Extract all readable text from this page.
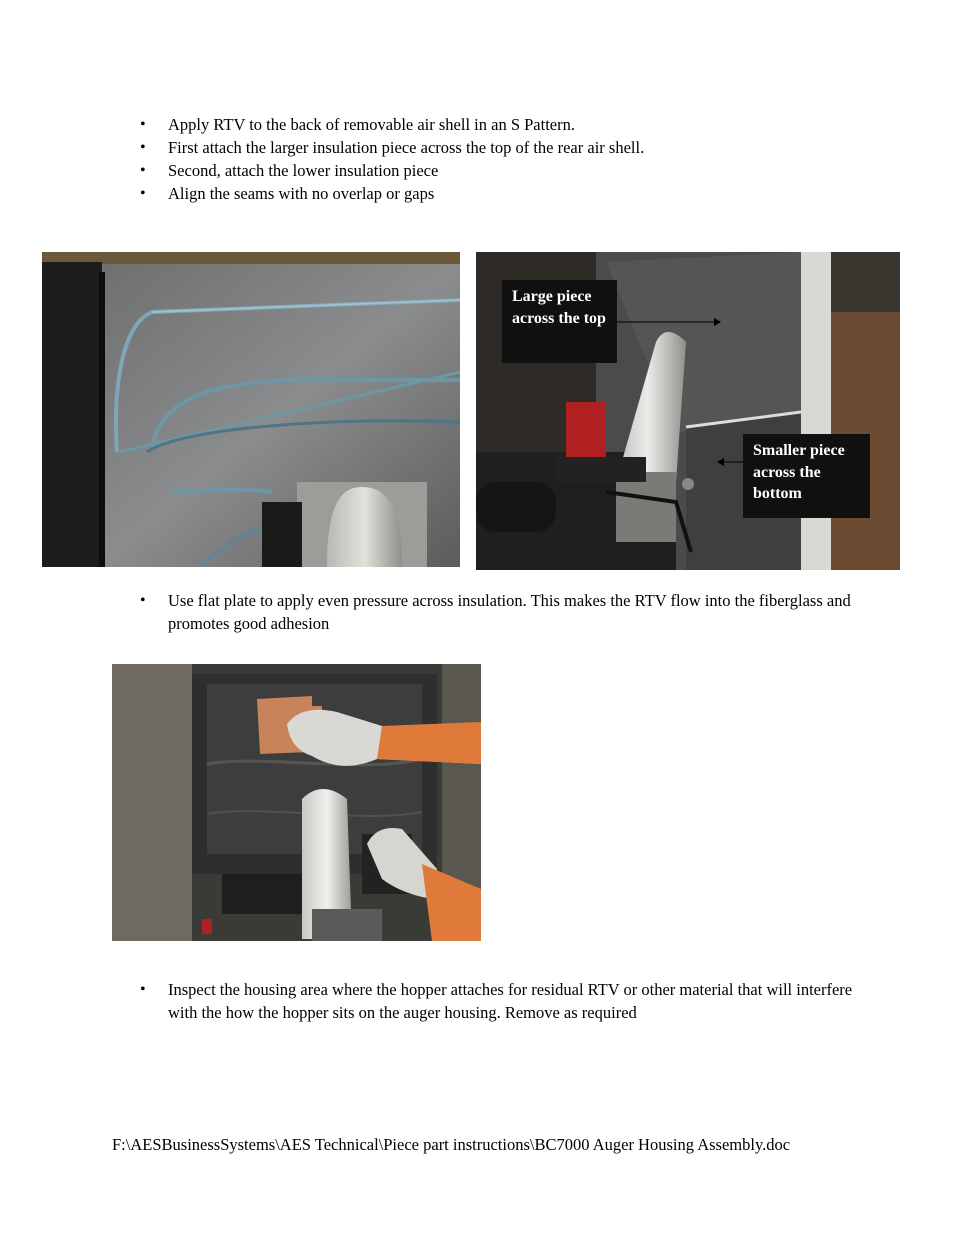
• Apply RTV to the back of removable air shell in an S Pattern.
• First attach the larger insulation piece across the top of the rear air shell.
• Second, attach the lower insulation piece
• Align the seams with no overlap or gaps
Large piece across the top
Smaller piece across the bottom
• Use flat plate to apply even pressure across insulation. This makes the RTV flow into the fiberglass and promotes good adhesion
• Inspect the housing area where the hopper attaches for residual RTV or other material that will interfere with the how the hopper sits on the auger housing. Remove as required
F:\AESBusinessSystems\AES Technical\Piece part instructions\BC7000 Auger Housing Assembly.doc
